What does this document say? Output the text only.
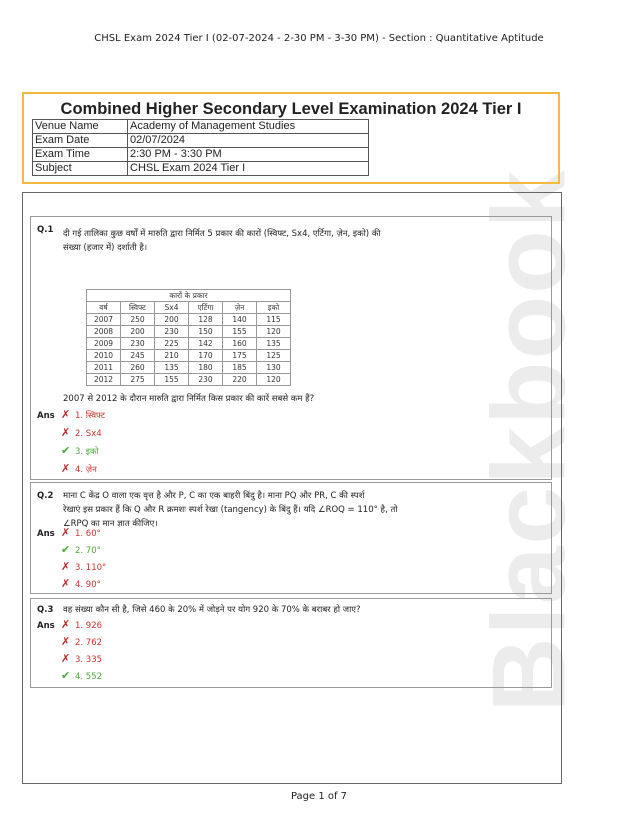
CHSL Exam 2024 Tier I (02-07-2024 - 2-30 PM - 3-30 PM) - Section : Quantitative Aptitude
Blackbook
Combined Higher Secondary Level Examination 2024 Tier I
Venue Name	Academy of Management Studies
Exam Date	02/07/2024
Exam Time	2:30 PM - 3:30 PM
Subject	CHSL Exam 2024 Tier I
Q.1 दी गई तालिका कुछ वर्षों में मारुति द्वारा निर्मित 5 प्रकार की कारों (स्विफ्ट, Sx4, एर्टिगा, ज़ेन, इको) की
संख्या (हजार में) दर्शाती है।
कारों के प्रकार					
वर्ष	स्विफ्ट	Sx4	एर्टिगा	ज़ेन	इको
2007	250	200	128	140	115
2008	200	230	150	155	120
2009	230	225	142	160	135
2010	245	210	170	175	125
2011	260	135	180	185	130
2012	275	155	230	220	120
2007 से 2012 के दौरान मारुति द्वारा निर्मित किस प्रकार की कारें सबसे कम हैं?
Ans ✗ 1. स्विफ्ट
✗ 2. Sx4
✔ 3. इको
✗ 4. ज़ेन
Q.2 माना C केंद्र O वाला एक वृत्त है और P, C का एक बाहरी बिंदु है। माना PQ और PR, C की स्पर्श
रेखाएं इस प्रकार हैं कि Q और R क्रमशः स्पर्श रेखा (tangency) के बिंदु हैं। यदि ∠ROQ = 110° है, तो
∠RPQ का मान ज्ञात कीजिए।
Ans ✗ 1. 60°
✔ 2. 70°
✗ 3. 110°
✗ 4. 90°
Q.3 वह संख्या कौन सी है, जिसे 460 के 20% में जोड़ने पर योग 920 के 70% के बराबर हो जाए?
Ans ✗ 1. 926
✗ 2. 762
✗ 3. 335
✔ 4. 552
Page 1 of 7
